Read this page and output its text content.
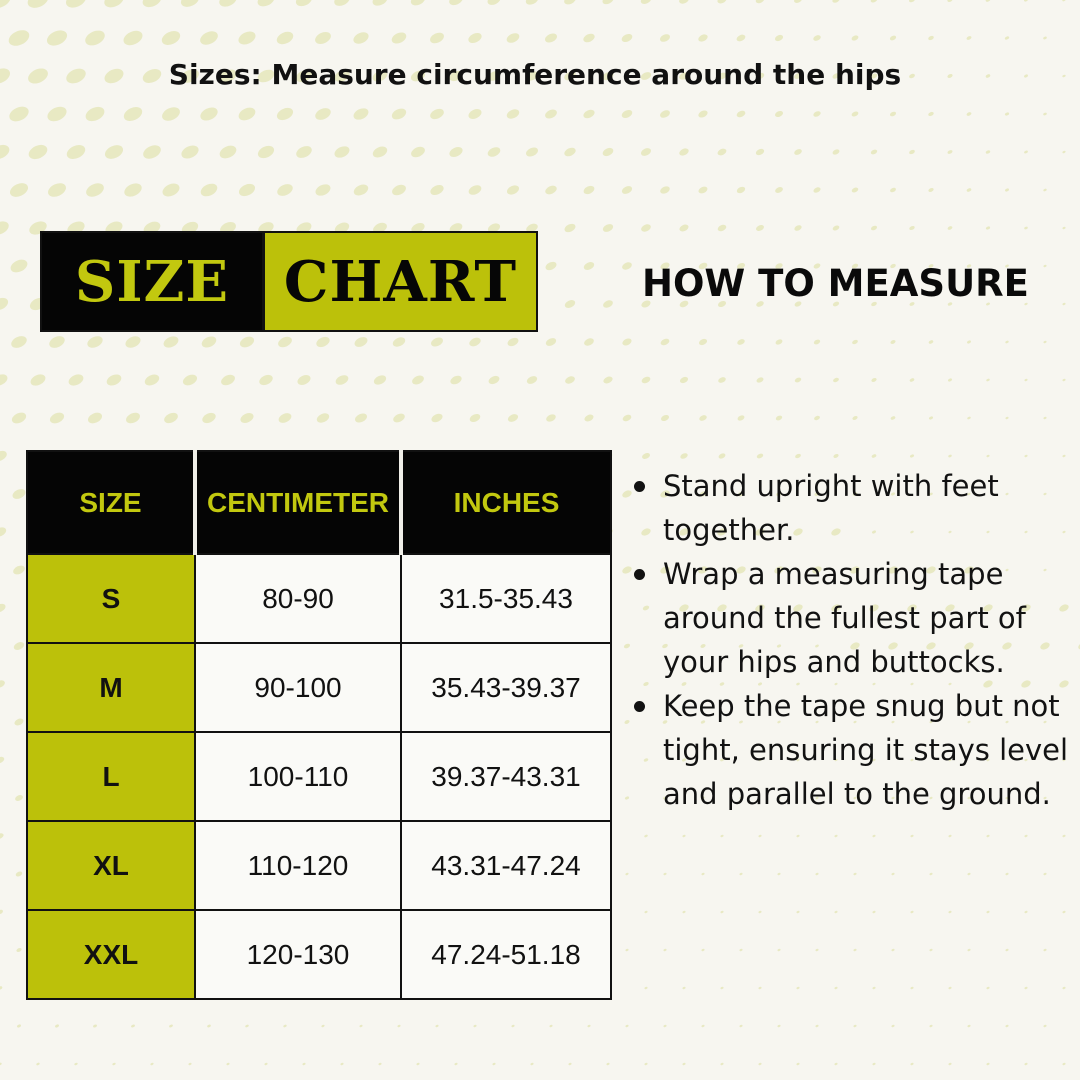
Sizes: Measure circumference around the hips
SIZE CHART	HOW TO MEASURE
SIZE	CENTIMETER	INCHES
S	80-90	31.5-35.43
M	90-100	35.43-39.37
L	100-110	39.37-43.31
XL	110-120	43.31-47.24
XXL	120-130	47.24-51.18
Stand upright with feet together.
Wrap a measuring tape around the fullest part of your hips and buttocks.
Keep the tape snug but not tight, ensuring it stays level and parallel to the ground.
